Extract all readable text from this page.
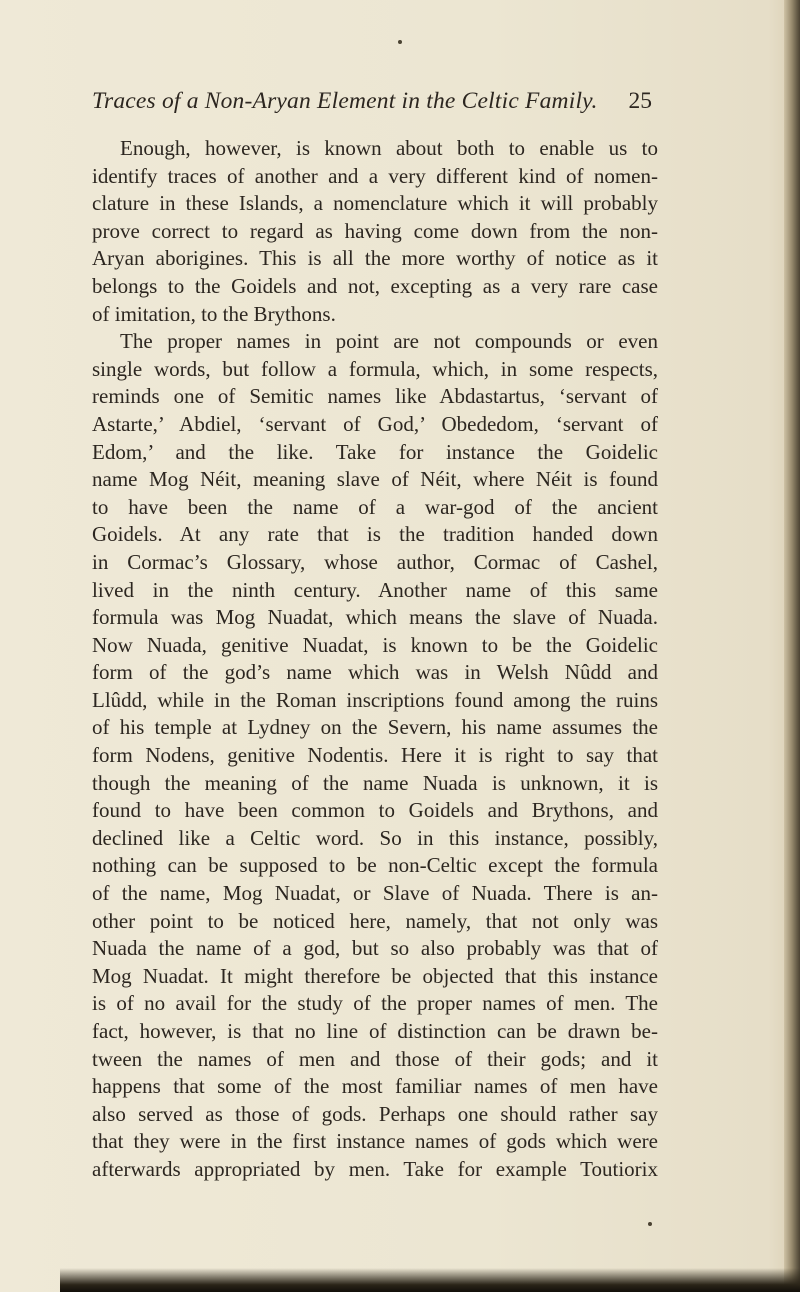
Traces of a Non-Aryan Element in the Celtic Family. 25
Enough, however, is known about both to enable us to
identify traces of another and a very different kind of nomen-
clature in these Islands, a nomenclature which it will probably
prove correct to regard as having come down from the non-
Aryan aborigines. This is all the more worthy of notice as it
belongs to the Goidels and not, excepting as a very rare case
of imitation, to the Brythons.
The proper names in point are not compounds or even
single words, but follow a formula, which, in some respects,
reminds one of Semitic names like Abdastartus, ‘servant of
Astarte,’ Abdiel, ‘servant of God,’ Obededom, ‘servant of
Edom,’ and the like. Take for instance the Goidelic
name Mog Néit, meaning slave of Néit, where Néit is found
to have been the name of a war-god of the ancient
Goidels. At any rate that is the tradition handed down
in Cormac’s Glossary, whose author, Cormac of Cashel,
lived in the ninth century. Another name of this same
formula was Mog Nuadat, which means the slave of Nuada.
Now Nuada, genitive Nuadat, is known to be the Goidelic
form of the god’s name which was in Welsh Nûdd and
Llûdd, while in the Roman inscriptions found among the ruins
of his temple at Lydney on the Severn, his name assumes the
form Nodens, genitive Nodentis. Here it is right to say that
though the meaning of the name Nuada is unknown, it is
found to have been common to Goidels and Brythons, and
declined like a Celtic word. So in this instance, possibly,
nothing can be supposed to be non-Celtic except the formula
of the name, Mog Nuadat, or Slave of Nuada. There is an-
other point to be noticed here, namely, that not only was
Nuada the name of a god, but so also probably was that of
Mog Nuadat. It might therefore be objected that this instance
is of no avail for the study of the proper names of men. The
fact, however, is that no line of distinction can be drawn be-
tween the names of men and those of their gods; and it
happens that some of the most familiar names of men have
also served as those of gods. Perhaps one should rather say
that they were in the first instance names of gods which were
afterwards appropriated by men. Take for example Toutiorix
